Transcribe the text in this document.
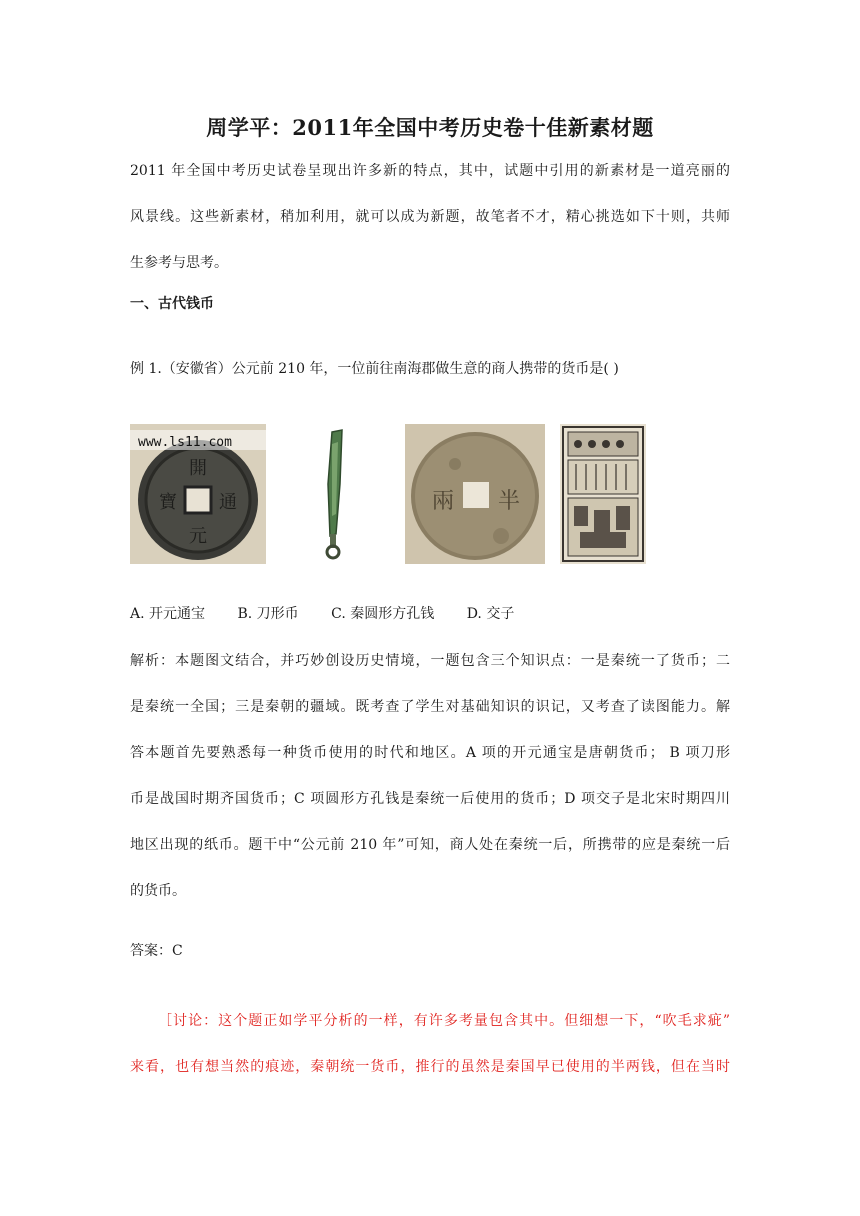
周学平：2011年全国中考历史卷十佳新素材题
2011 年全国中考历史试卷呈现出许多新的特点，其中，试题中引用的新素材是一道亮丽的
风景线。这些新素材，稍加利用，就可以成为新题，故笔者不才，精心挑选如下十则，共师
生参考与思考。
一、古代钱币
例 1.（安徽省）公元前 210 年，一位前往南海郡做生意的商人携带的货币是( )
開
元
寶 通
www.ls11.com
兩 半
A. 开元通宝 B. 刀形币 C. 秦圆形方孔钱 D. 交子
解析：本题图文结合，并巧妙创设历史情境，一题包含三个知识点：一是秦统一了货币；二
是秦统一全国；三是秦朝的疆域。既考查了学生对基础知识的识记，又考查了读图能力。解
答本题首先要熟悉每一种货币使用的时代和地区。A 项的开元通宝是唐朝货币； B 项刀形
币是战国时期齐国货币；C 项圆形方孔钱是秦统一后使用的货币；D 项交子是北宋时期四川
地区出现的纸币。题干中“公元前 210 年”可知，商人处在秦统一后，所携带的应是秦统一后
的货币。
答案：C
［讨论：这个题正如学平分析的一样，有许多考量包含其中。但细想一下，“吹毛求疵”
来看，也有想当然的痕迹，秦朝统一货币，推行的虽然是秦国早已使用的半两钱，但在当时
